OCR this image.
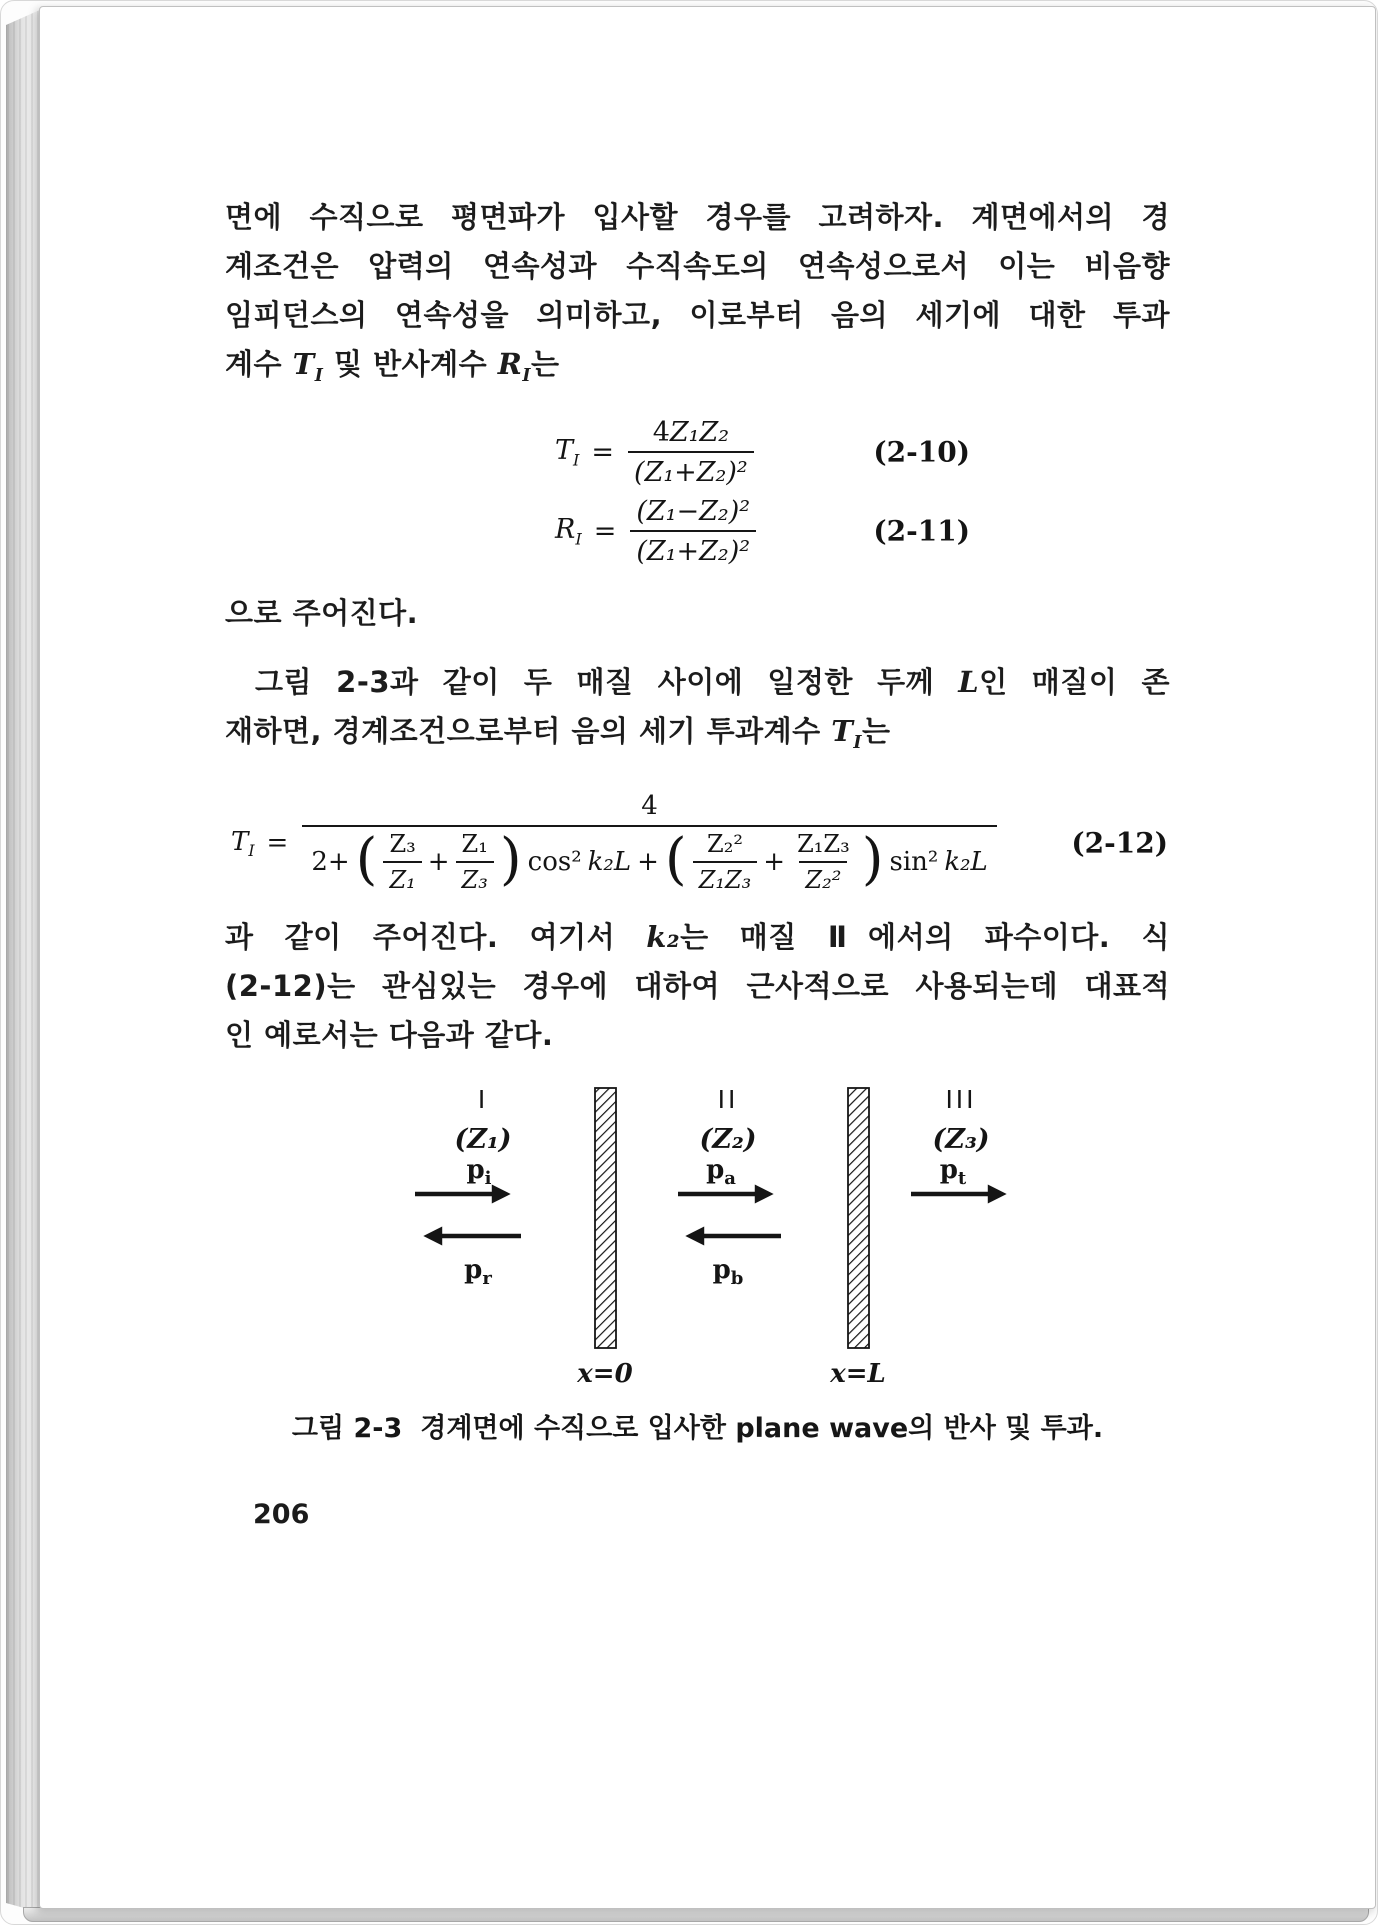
면에 수직으로 평면파가 입사할 경우를 고려하자. 계면에서의 경
계조건은 압력의 연속성과 수직속도의 연속성으로서 이는 비음향
임피던스의 연속성을 의미하고, 이로부터 음의 세기에 대한 투과
계수 $T_I$ 및 반사계수 $R_I$는
$T_I = \frac{\text{4Z₁Z₂}}{\text{(Z₁+Z₂)²}}$	(2-10)
$R_I = \frac{\text{(Z₁−Z₂)²}}{\text{(Z₁+Z₂)²}}$	(2-11)
으로 주어진다.
그림 2-3과 같이 두 매질 사이에 일정한 두께 L인 매질이 존
재하면, 경계조건으로부터 음의 세기 투과계수 $T_I$는
$T_I$ =
4
2+ ( $\frac{\text{Z₃}}{\text{Z₁}} + \frac{\text{Z₁}}{\text{Z₃}}$ ) cos² k₂L + ( $\frac{\text{Z₂²}}{\text{Z₁Z₃}} + \frac{\text{Z₁Z₃}}{\text{Z₂²}}$ ) sin² k₂L
(2-12)
과 같이 주어진다. 여기서 k₂는 매질 Ⅱ에서의 파수이다. 식
(2-12)는 관심있는 경우에 대하여 근사적으로 사용되는데 대표적
인 예로서는 다음과 같다.
I
(Z₁)
$p_i$
$p_r$
x=0
II
(Z₂)
$p_a$
$p_b$
x=L
III
(Z₃)
$p_t$
그림 2-3 경계면에 수직으로 입사한 plane wave의 반사 및 투과.
206
